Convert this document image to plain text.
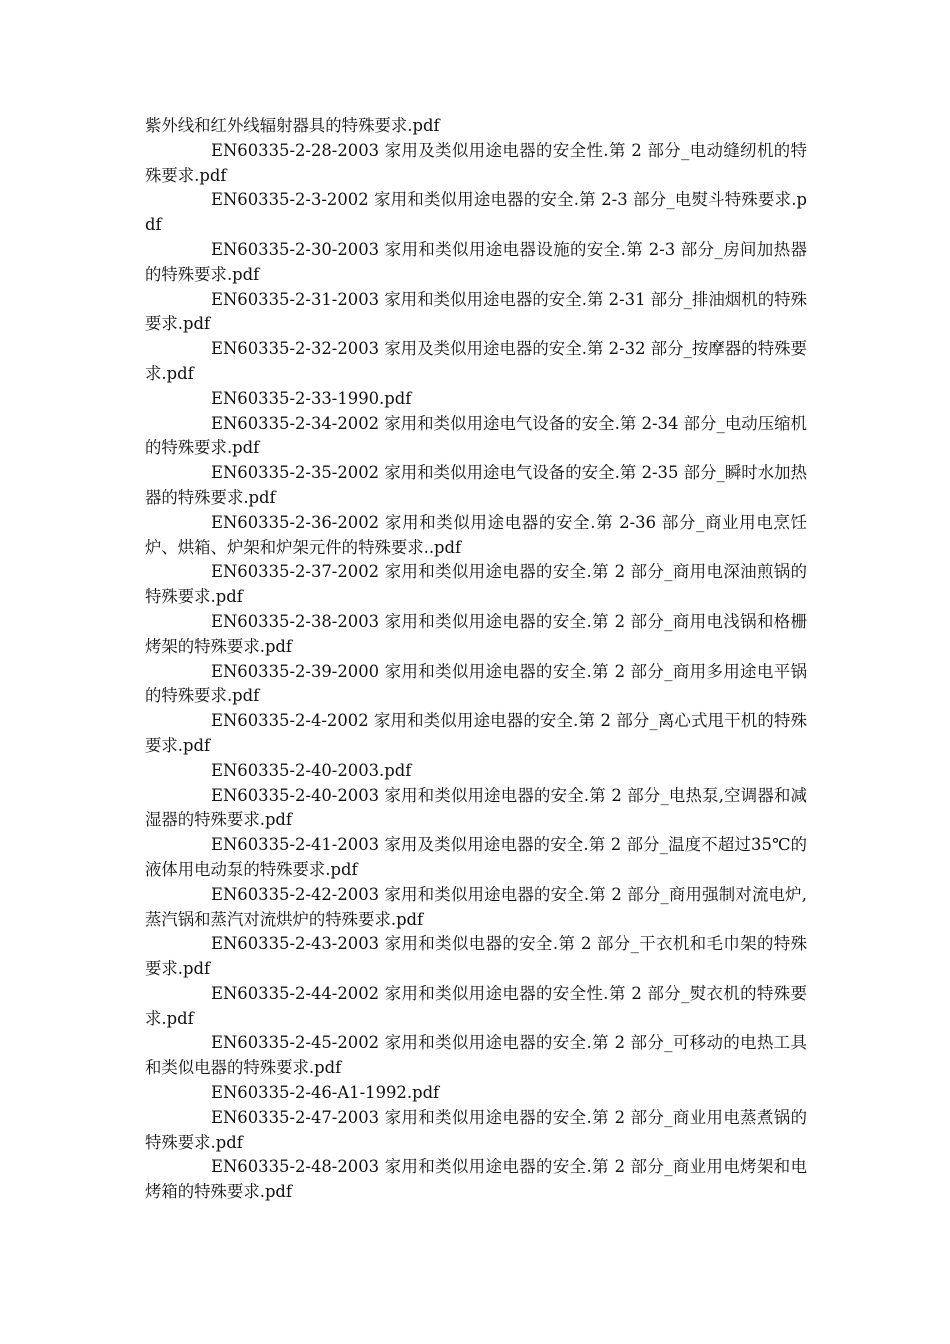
紫外线和红外线辐射器具的特殊要求.pdf

EN60335-2-28-2003 家用及类似用途电器的安全性.第 2 部分_电动缝纫机的特殊要求.pdf

EN60335-2-3-2002 家用和类似用途电器的安全.第 2-3 部分_电熨斗特殊要求.pdf

EN60335-2-30-2003 家用和类似用途电器设施的安全.第 2-3 部分_房间加热器的特殊要求.pdf

EN60335-2-31-2003 家用和类似用途电器的安全.第 2-31 部分_排油烟机的特殊要求.pdf

EN60335-2-32-2003 家用及类似用途电器的安全.第 2-32 部分_按摩器的特殊要求.pdf

EN60335-2-33-1990.pdf

EN60335-2-34-2002 家用和类似用途电气设备的安全.第 2-34 部分_电动压缩机的特殊要求.pdf

EN60335-2-35-2002 家用和类似用途电气设备的安全.第 2-35 部分_瞬时水加热器的特殊要求.pdf

EN60335-2-36-2002 家用和类似用途电器的安全.第 2-36 部分_商业用电烹饪炉、烘箱、炉架和炉架元件的特殊要求..pdf

EN60335-2-37-2002 家用和类似用途电器的安全.第 2 部分_商用电深油煎锅的特殊要求.pdf

EN60335-2-38-2003 家用和类似用途电器的安全.第 2 部分_商用电浅锅和格栅烤架的特殊要求.pdf

EN60335-2-39-2000 家用和类似用途电器的安全.第 2 部分_商用多用途电平锅的特殊要求.pdf

EN60335-2-4-2002 家用和类似用途电器的安全.第 2 部分_离心式甩干机的特殊要求.pdf

EN60335-2-40-2003.pdf

EN60335-2-40-2003 家用和类似用途电器的安全.第 2 部分_电热泵,空调器和减湿器的特殊要求.pdf

EN60335-2-41-2003 家用及类似用途电器的安全.第 2 部分_温度不超过35℃的液体用电动泵的特殊要求.pdf

EN60335-2-42-2003 家用和类似用途电器的安全.第 2 部分_商用强制对流电炉,蒸汽锅和蒸汽对流烘炉的特殊要求.pdf

EN60335-2-43-2003 家用和类似电器的安全.第 2 部分_干衣机和毛巾架的特殊要求.pdf

EN60335-2-44-2002 家用和类似用途电器的安全性.第 2 部分_熨衣机的特殊要求.pdf

EN60335-2-45-2002 家用和类似用途电器的安全.第 2 部分_可移动的电热工具和类似电器的特殊要求.pdf

EN60335-2-46-A1-1992.pdf

EN60335-2-47-2003 家用和类似用途电器的安全.第 2 部分_商业用电蒸煮锅的特殊要求.pdf

EN60335-2-48-2003 家用和类似用途电器的安全.第 2 部分_商业用电烤架和电烤箱的特殊要求.pdf
